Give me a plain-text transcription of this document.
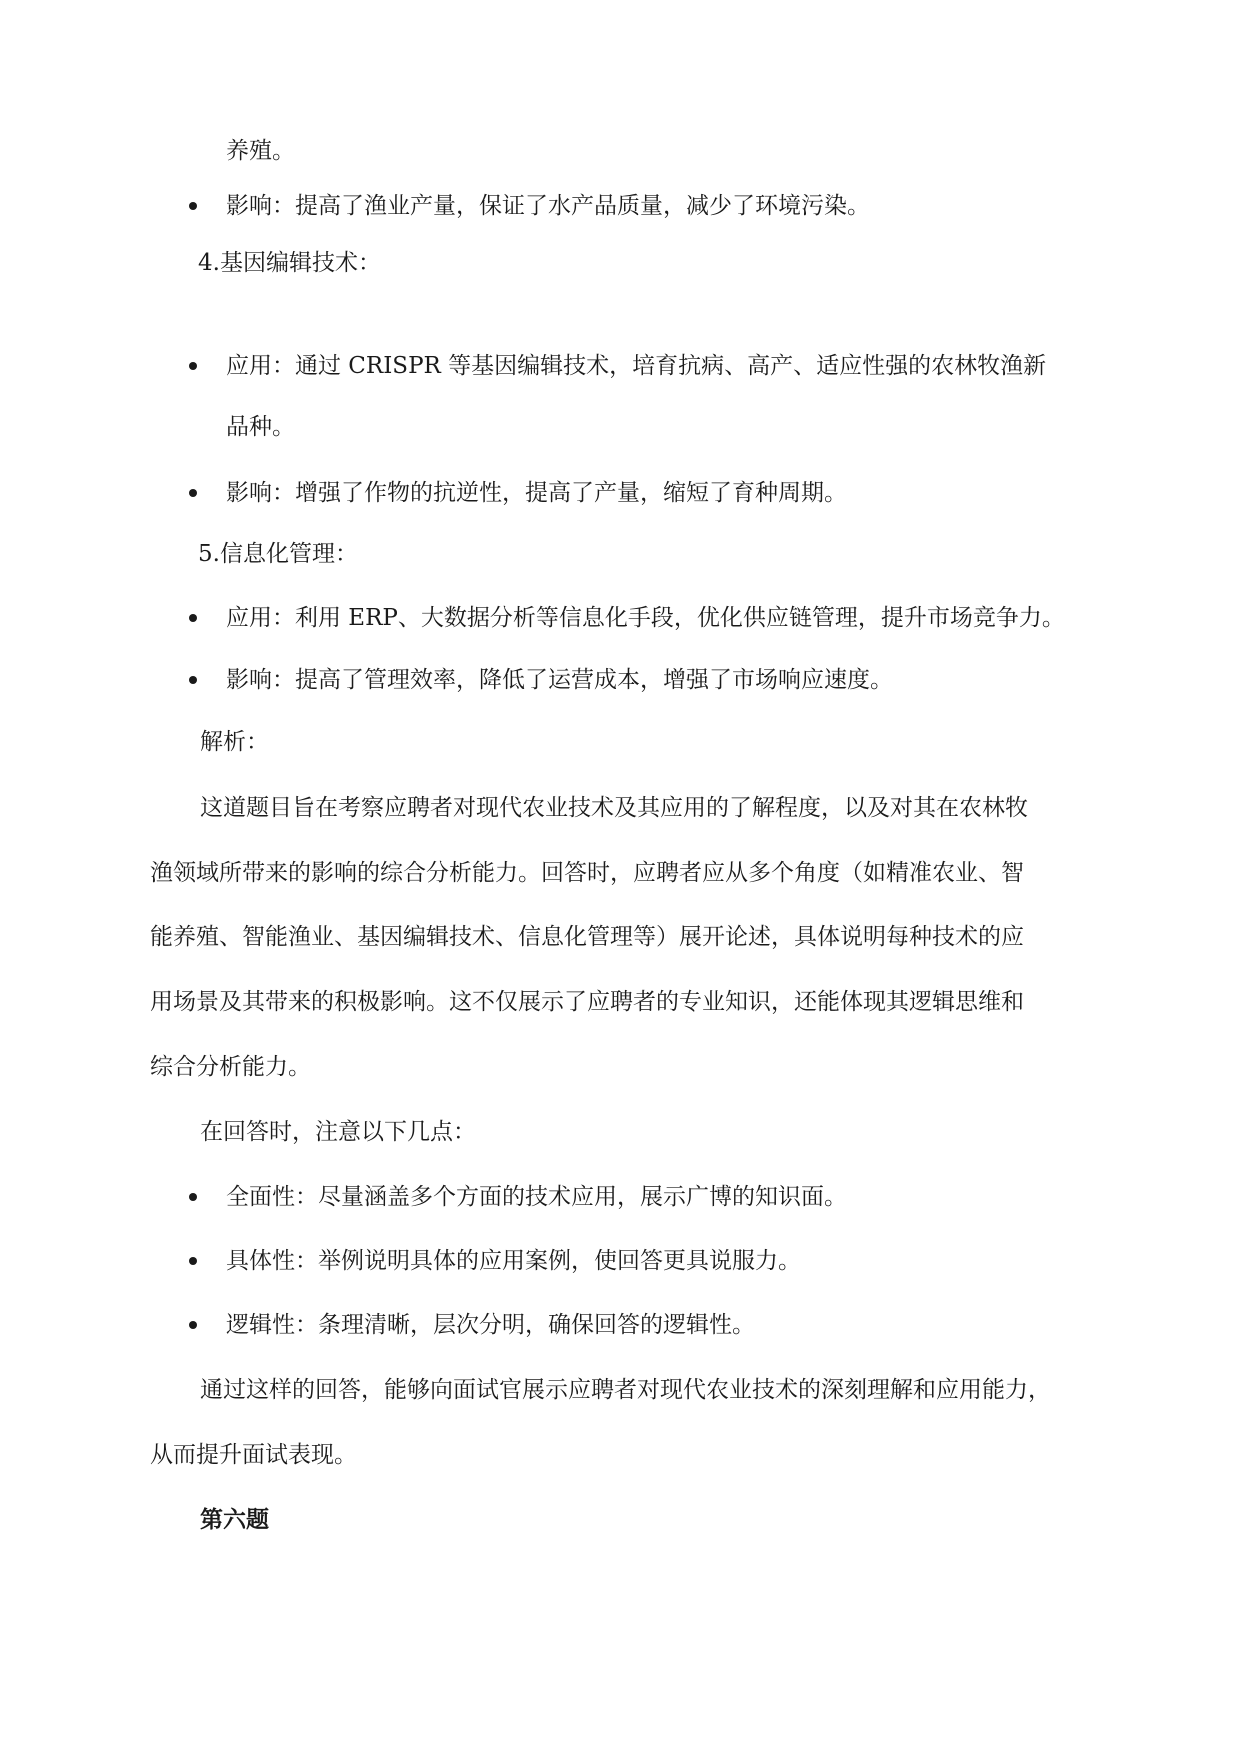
养殖。
影响：提高了渔业产量，保证了水产品质量，减少了环境污染。
4.基因编辑技术：
应用：通过 CRISPR 等基因编辑技术，培育抗病、高产、适应性强的农林牧渔新
品种。
影响：增强了作物的抗逆性，提高了产量，缩短了育种周期。
5.信息化管理：
应用：利用 ERP、大数据分析等信息化手段，优化供应链管理，提升市场竞争力。
影响：提高了管理效率，降低了运营成本，增强了市场响应速度。
解析：
这道题目旨在考察应聘者对现代农业技术及其应用的了解程度，以及对其在农林牧
渔领域所带来的影响的综合分析能力。回答时，应聘者应从多个角度（如精准农业、智
能养殖、智能渔业、基因编辑技术、信息化管理等）展开论述，具体说明每种技术的应
用场景及其带来的积极影响。这不仅展示了应聘者的专业知识，还能体现其逻辑思维和
综合分析能力。
在回答时，注意以下几点：
全面性：尽量涵盖多个方面的技术应用，展示广博的知识面。
具体性：举例说明具体的应用案例，使回答更具说服力。
逻辑性：条理清晰，层次分明，确保回答的逻辑性。
通过这样的回答，能够向面试官展示应聘者对现代农业技术的深刻理解和应用能力，
从而提升面试表现。
第六题
